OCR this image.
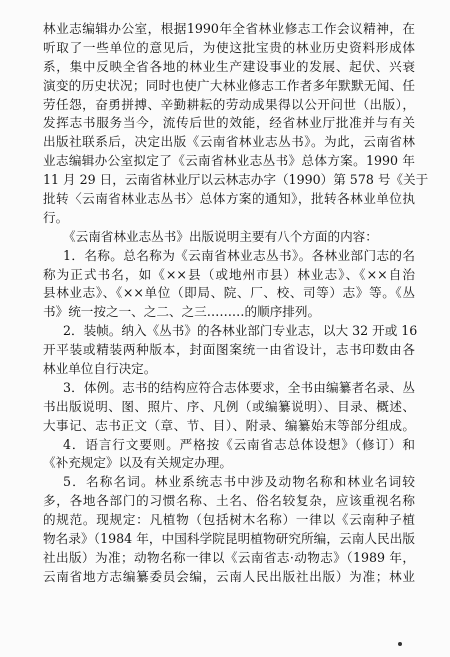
林业志编辑办公室，根据1990年全省林业修志工作会议精神，在
听取了一些单位的意见后，为使这批宝贵的林业历史资料形成体
系，集中反映全省各地的林业生产建设事业的发展、起伏、兴衰
演变的历史状况；同时也使广大林业修志工作者多年默默无闻、任
劳任怨，奋勇拼搏、辛勤耕耘的劳动成果得以公开问世（出版），
发挥志书服务当今，流传后世的效能，经省林业厅批准并与有关
出版社联系后，决定出版《云南省林业志丛书》。为此，云南省林
业志编辑办公室拟定了《云南省林业志丛书》总体方案。1990 年
11 月 29 日，云南省林业厅以云林志办字（1990）第 578 号《关于
批转〈云南省林业志丛书〉总体方案的通知》，批转各林业单位执
行。
《云南省林业志丛书》出版说明主要有八个方面的内容：
1．名称。总名称为《云南省林业志丛书》。各林业部门志的名
称为正式书名，如《××县（或地州市县）林业志》、《××自治
县林业志》、《××单位（即局、院、厂、校、司等）志》等。《丛
书》统一按之一、之二、之三………的顺序排列。
2．装帧。纳入《丛书》的各林业部门专业志，以大 32 开或 16
开平装或精装两种版本，封面图案统一由省设计，志书印数由各
林业单位自行决定。
3．体例。志书的结构应符合志体要求，全书由编纂者名录、丛
书出版说明、图、照片、序、凡例（或编纂说明）、目录、概述、
大事记、志书正文（章、节、目）、附录、编纂始末等部分组成。
4．语言行文要则。严格按《云南省志总体设想》（修订）和
《补充规定》以及有关规定办理。
5．名称名词。林业系统志书中涉及动物名称和林业名词较
多，各地各部门的习惯名称、土名、俗名较复杂，应该重视名称
的规范。现规定：凡植物（包括树木名称）一律以《云南种子植
物名录》（1984 年，中国科学院昆明植物研究所编，云南人民出版
社出版）为准；动物名称一律以《云南省志·动物志》（1989 年，
云南省地方志编纂委员会编，云南人民出版社出版）为准；林业
